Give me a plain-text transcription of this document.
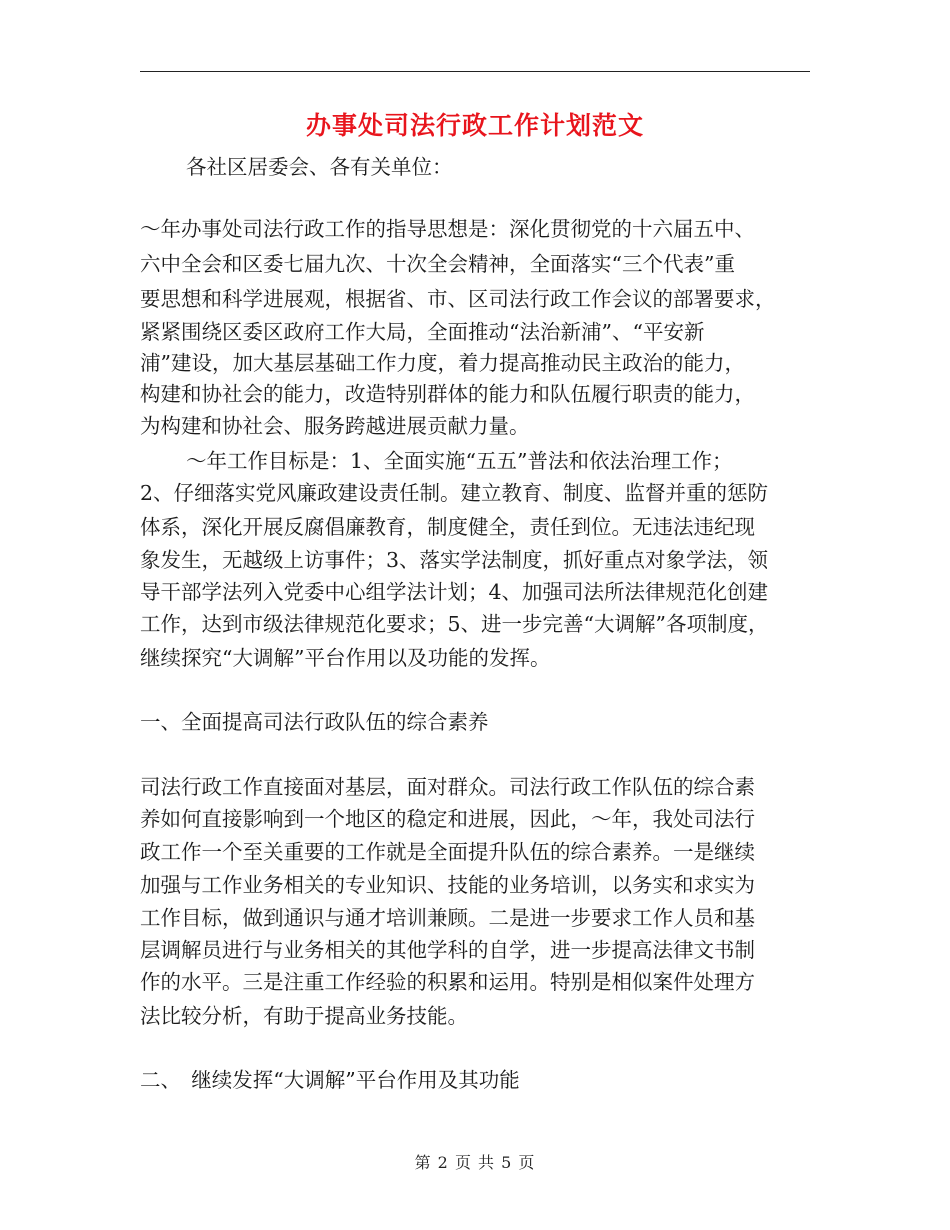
办事处司法行政工作计划范文
各社区居委会、各有关单位：
～年办事处司法行政工作的指导思想是：深化贯彻党的十六届五中、
六中全会和区委七届九次、十次全会精神，全面落实“三个代表”重
要思想和科学进展观，根据省、市、区司法行政工作会议的部署要求，
紧紧围绕区委区政府工作大局，全面推动“法治新浦”、“平安新
浦”建设，加大基层基础工作力度，着力提高推动民主政治的能力，
构建和协社会的能力，改造特别群体的能力和队伍履行职责的能力，
为构建和协社会、服务跨越进展贡献力量。
～年工作目标是：1、全面实施“五五”普法和依法治理工作；
2、仔细落实党风廉政建设责任制。建立教育、制度、监督并重的惩防
体系，深化开展反腐倡廉教育，制度健全，责任到位。无违法违纪现
象发生，无越级上访事件；3、落实学法制度，抓好重点对象学法，领
导干部学法列入党委中心组学法计划；4、加强司法所法律规范化创建
工作，达到市级法律规范化要求；5、进一步完善“大调解”各项制度，
继续探究“大调解”平台作用以及功能的发挥。
一、全面提高司法行政队伍的综合素养
司法行政工作直接面对基层，面对群众。司法行政工作队伍的综合素
养如何直接影响到一个地区的稳定和进展，因此，～年，我处司法行
政工作一个至关重要的工作就是全面提升队伍的综合素养。一是继续
加强与工作业务相关的专业知识、技能的业务培训，以务实和求实为
工作目标，做到通识与通才培训兼顾。二是进一步要求工作人员和基
层调解员进行与业务相关的其他学科的自学，进一步提高法律文书制
作的水平。三是注重工作经验的积累和运用。特别是相似案件处理方
法比较分析，有助于提高业务技能。
二、　继续发挥“大调解”平台作用及其功能
第 2 页 共 5 页
